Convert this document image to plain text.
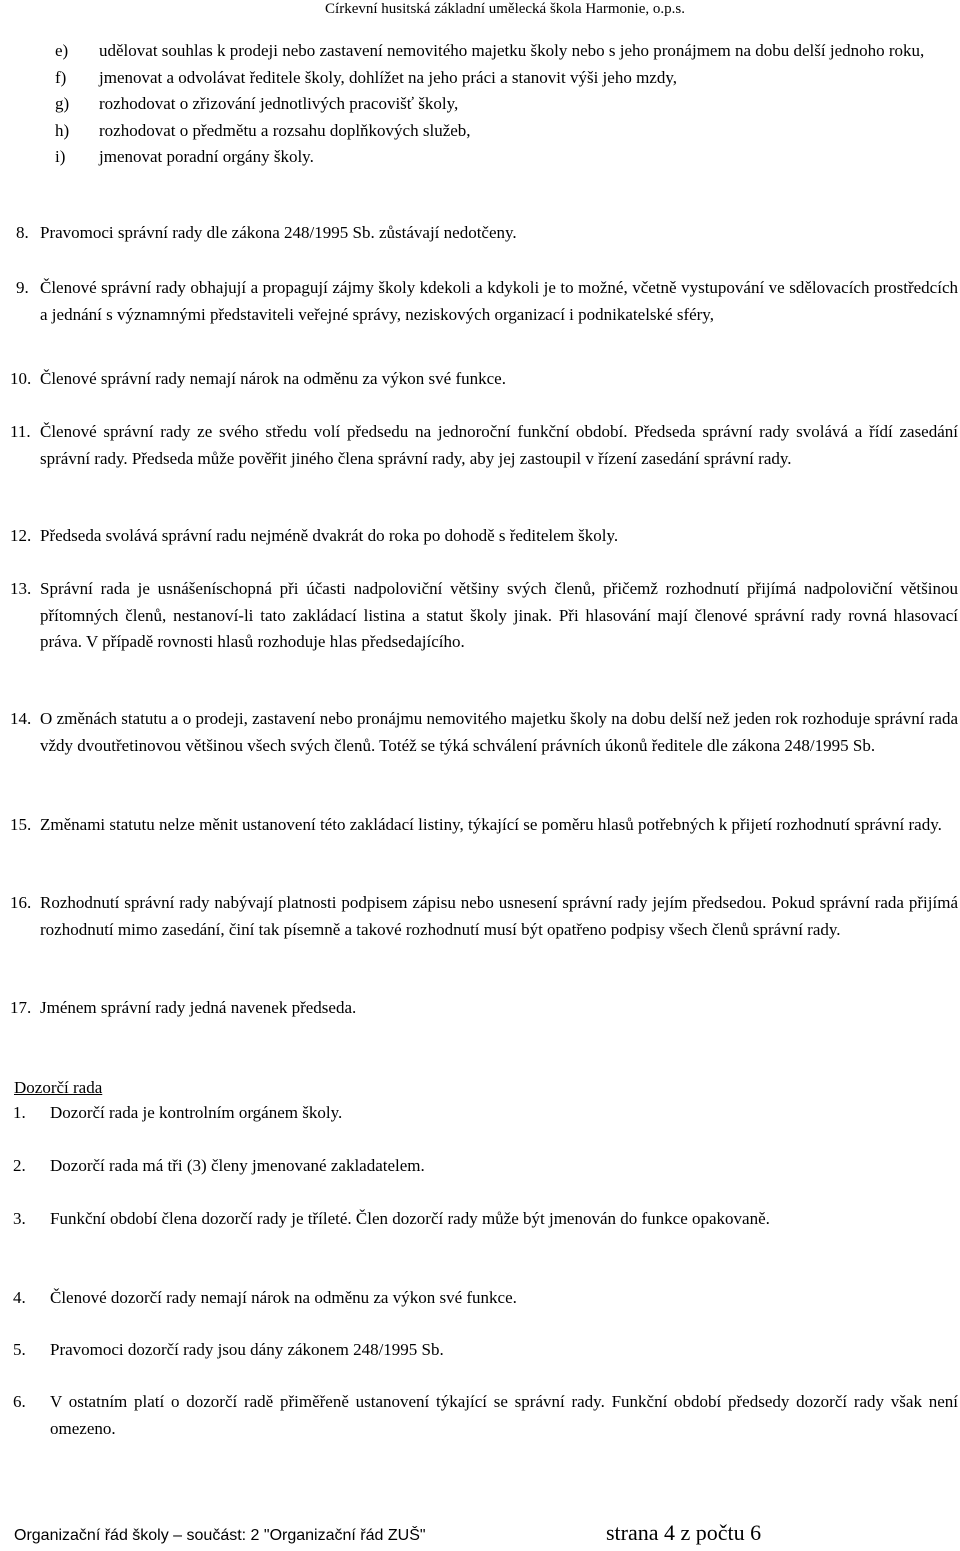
Církevní husitská základní umělecká škola Harmonie, o.p.s.
e) udělovat souhlas k prodeji nebo zastavení nemovitého majetku školy nebo s jeho pronájmem na dobu delší jednoho roku,
f) jmenovat a odvolávat ředitele školy, dohlížet na jeho práci a stanovit výši jeho mzdy,
g) rozhodovat o zřizování jednotlivých pracovišť školy,
h) rozhodovat o předmětu a rozsahu doplňkových služeb,
i) jmenovat poradní orgány školy.
8. Pravomoci správní rady dle zákona 248/1995 Sb. zůstávají nedotčeny.
9. Členové správní rady obhajují a propagují zájmy školy kdekoli a kdykoli je to možné, včetně vystupování ve sdělovacích prostředcích a jednání s významnými představiteli veřejné správy, neziskových organizací i podnikatelské sféry,
10. Členové správní rady nemají nárok na odměnu za výkon své funkce.
11. Členové správní rady ze svého středu volí předsedu na jednoroční funkční období. Předseda správní rady svolává a řídí zasedání správní rady. Předseda může pověřit jiného člena správní rady, aby jej zastoupil v řízení zasedání správní rady.
12. Předseda svolává správní radu nejméně dvakrát do roka po dohodě s ředitelem školy.
13. Správní rada je usnášeníschopná při účasti nadpoloviční většiny svých členů, přičemž rozhodnutí přijímá nadpoloviční většinou přítomných členů, nestanoví-li tato zakládací listina a statut školy jinak. Při hlasování mají členové správní rady rovná hlasovací práva. V případě rovnosti hlasů rozhoduje hlas předsedajícího.
14. O změnách statutu a o prodeji, zastavení nebo pronájmu nemovitého majetku školy na dobu delší než jeden rok rozhoduje správní rada vždy dvoutřetinovou většinou všech svých členů. Totéž se týká schválení právních úkonů ředitele dle zákona 248/1995 Sb.
15. Změnami statutu nelze měnit ustanovení této zakládací listiny, týkající se poměru hlasů potřebných k přijetí rozhodnutí správní rady.
16. Rozhodnutí správní rady nabývají platnosti podpisem zápisu nebo usnesení správní rady jejím předsedou. Pokud správní rada přijímá rozhodnutí mimo zasedání, činí tak písemně a takové rozhodnutí musí být opatřeno podpisy všech členů správní rady.
17. Jménem správní rady jedná navenek předseda.
Dozorčí rada
1. Dozorčí rada je kontrolním orgánem školy.
2. Dozorčí rada má tři (3) členy jmenované zakladatelem.
3. Funkční období člena dozorčí rady je tříleté. Člen dozorčí rady může být jmenován do funkce opakovaně.
4. Členové dozorčí rady nemají nárok na odměnu za výkon své funkce.
5. Pravomoci dozorčí rady jsou dány zákonem 248/1995 Sb.
6. V ostatním platí o dozorčí radě přiměřeně ustanovení týkající se správní rady. Funkční období předsedy dozorčí rady však není omezeno.
Organizační řád školy – součást: 2 "Organizační řád ZUŠ"	strana 4 z počtu 6
